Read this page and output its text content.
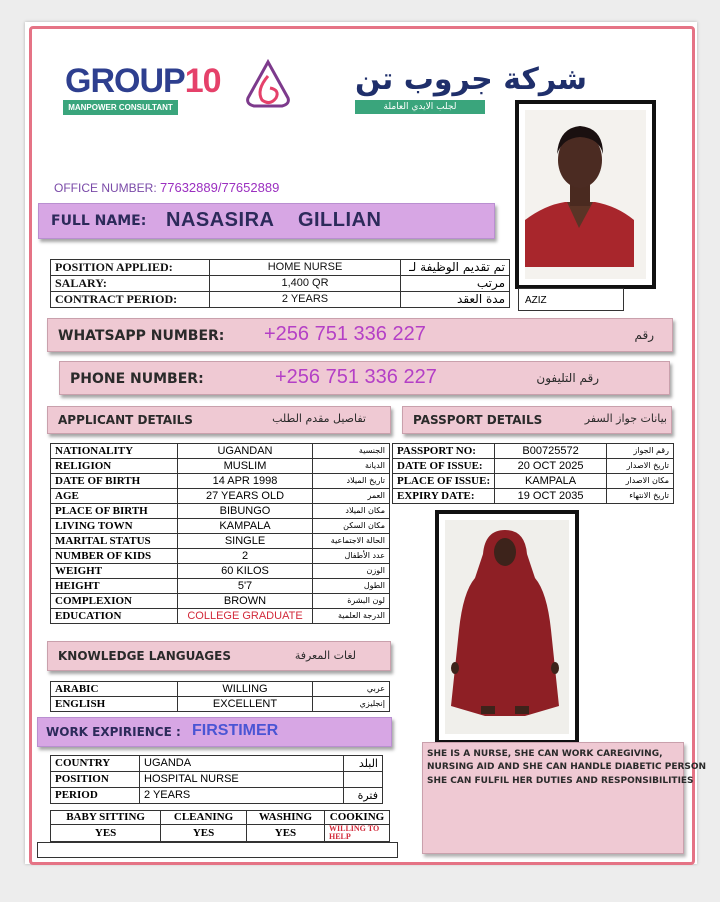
GROUP10
MANPOWER CONSULTANT
شركة جروب تن
لجلب الايدي العاملة
OFFICE NUMBER: 77632889/77652889
FULL NAME: NASASIRA    GILLIAN
POSITION APPLIED:	HOME NURSE	تم تقديم الوظيفة لـ
SALARY:	1,400 QR	مرتب
CONTRACT PERIOD:	2 YEARS	مدة العقد	AZIZ
WHATSAPP NUMBER: +256 751 336 227	رقم
PHONE NUMBER:	+256 751 336 227	رقم التليفون
APPLICANT DETAILS	تفاصيل مقدم الطلب	PASSPORT DETAILS	بيانات جواز السفر
NATIONALITY	UGANDAN	الجنسية
RELIGION	MUSLIM	الديانة
DATE OF BIRTH	14 APR 1998	تاريخ الميلاد
AGE	27 YEARS OLD	العمر
PLACE OF BIRTH	BIBUNGO	مكان الميلاد
LIVING TOWN	KAMPALA	مكان السكن
MARITAL STATUS	SINGLE	الحالة الاجتماعية
NUMBER OF KIDS	2	عدد الأطفال
WEIGHT	60 KILOS	الوزن
HEIGHT	5'7	الطول
COMPLEXION	BROWN	لون البشرة
EDUCATION	COLLEGE GRADUATE	الدرجة العلمية
PASSPORT NO:	B00725572	رقم الجواز
DATE OF ISSUE:	20 OCT 2025	تاريخ الاصدار
PLACE OF ISSUE:	KAMPALA	مكان الاصدار
EXPIRY DATE:	19 OCT 2035	تاريخ الانتهاء
KNOWLEDGE LANGUAGES	لغات المعرفة
ARABIC	WILLING	عربي
ENGLISH	EXCELLENT	إنجليزي
WORK EXPIRIENCE : FIRSTIMER
SHE IS A NURSE, SHE CAN WORK CAREGIVING,
NURSING AID AND SHE CAN HANDLE DIABETIC PERSON
SHE CAN FULFIL HER DUTIES AND RESPONSIBILITIES
COUNTRY	UGANDA	البلد
POSITION	HOSPITAL NURSE	
PERIOD	2 YEARS	فترة
BABY SITTING	CLEANING	WASHING	COOKING
YES	YES	YES	WILLING TO HELP
